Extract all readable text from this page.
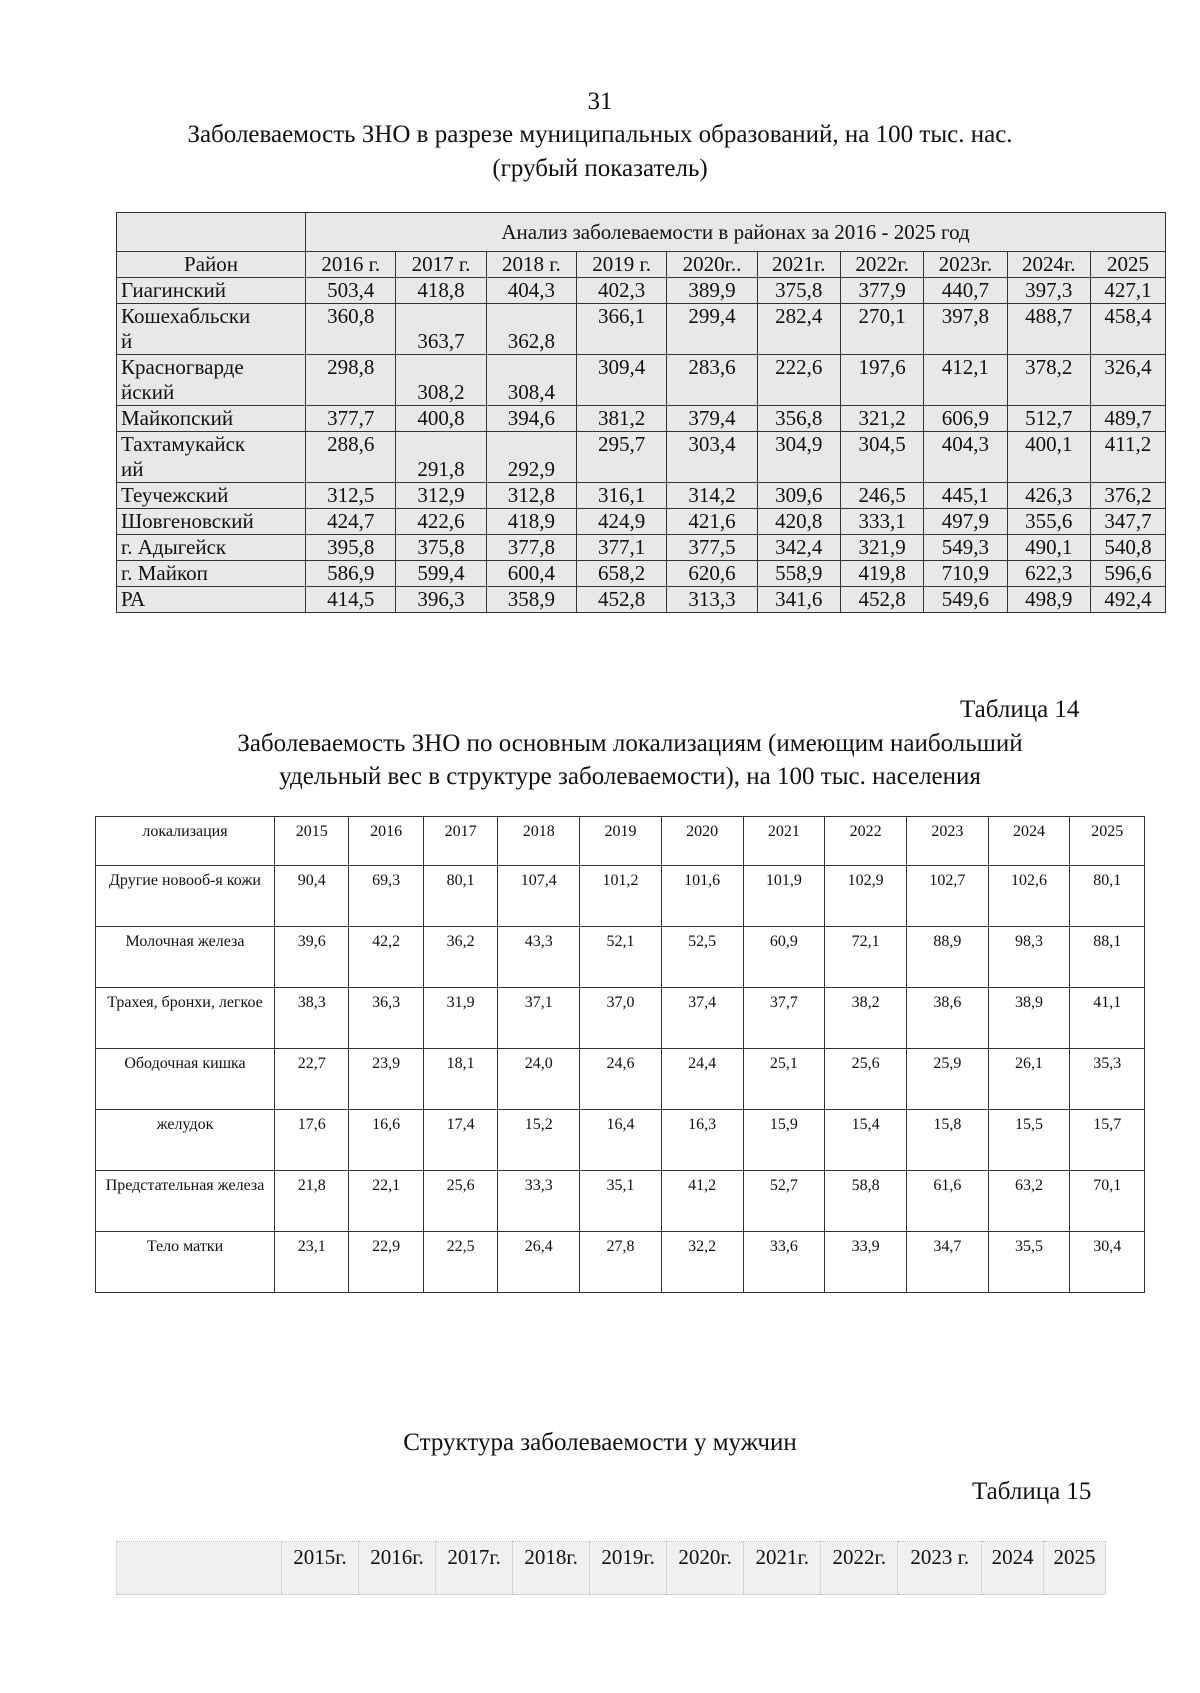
31
Заболеваемость ЗНО в разрезе муниципальных образований, на 100 тыс. нас.
(грубый показатель)
	Анализ заболеваемости в районах за 2016 - 2025 год									
Район	2016 г.	2017 г.	2018 г.	2019 г.	2020г..	2021г.	2022г.	2023г.	2024г.	2025

Гиагинский	503,4	418,8	404,3	402,3	389,9	375,8	377,9	440,7	397,3	427,1

Кошехабльски
й	360,8	363,7	362,8	366,1	299,4	282,4	270,1	397,8	488,7	458,4

Красногварде
йский	298,8	308,2	308,4	309,4	283,6	222,6	197,6	412,1	378,2	326,4

Майкопский	377,7	400,8	394,6	381,2	379,4	356,8	321,2	606,9	512,7	489,7

Тахтамукайск
ий	288,6	291,8	292,9	295,7	303,4	304,9	304,5	404,3	400,1	411,2

Теучежский	312,5	312,9	312,8	316,1	314,2	309,6	246,5	445,1	426,3	376,2

Шовгеновский	424,7	422,6	418,9	424,9	421,6	420,8	333,1	497,9	355,6	347,7

г. Адыгейск	395,8	375,8	377,8	377,1	377,5	342,4	321,9	549,3	490,1	540,8

г. Майкоп	586,9	599,4	600,4	658,2	620,6	558,9	419,8	710,9	622,3	596,6

РА	414,5	396,3	358,9	452,8	313,3	341,6	452,8	549,6	498,9	492,4
Таблица 14
Заболеваемость ЗНО по основным локализациям (имеющим наибольший
удельный вес в структуре заболеваемости), на 100 тыс. населения
локализация	2015	2016	2017	2018	2019	2020	2021	2022	2023	2024	2025
Другие новооб-я кожи	90,4	69,3	80,1	107,4	101,2	101,6	101,9	102,9	102,7	102,6	80,1
Молочная железа	39,6	42,2	36,2	43,3	52,1	52,5	60,9	72,1	88,9	98,3	88,1
Трахея, бронхи, легкое	38,3	36,3	31,9	37,1	37,0	37,4	37,7	38,2	38,6	38,9	41,1
Ободочная кишка	22,7	23,9	18,1	24,0	24,6	24,4	25,1	25,6	25,9	26,1	35,3
желудок	17,6	16,6	17,4	15,2	16,4	16,3	15,9	15,4	15,8	15,5	15,7
Предстательная железа	21,8	22,1	25,6	33,3	35,1	41,2	52,7	58,8	61,6	63,2	70,1
Тело матки	23,1	22,9	22,5	26,4	27,8	32,2	33,6	33,9	34,7	35,5	30,4
Структура заболеваемости у мужчин
Таблица 15
	2015г.	2016г.	2017г.	2018г.	2019г.	2020г.	2021г.	2022г.	2023 г.	2024	2025
